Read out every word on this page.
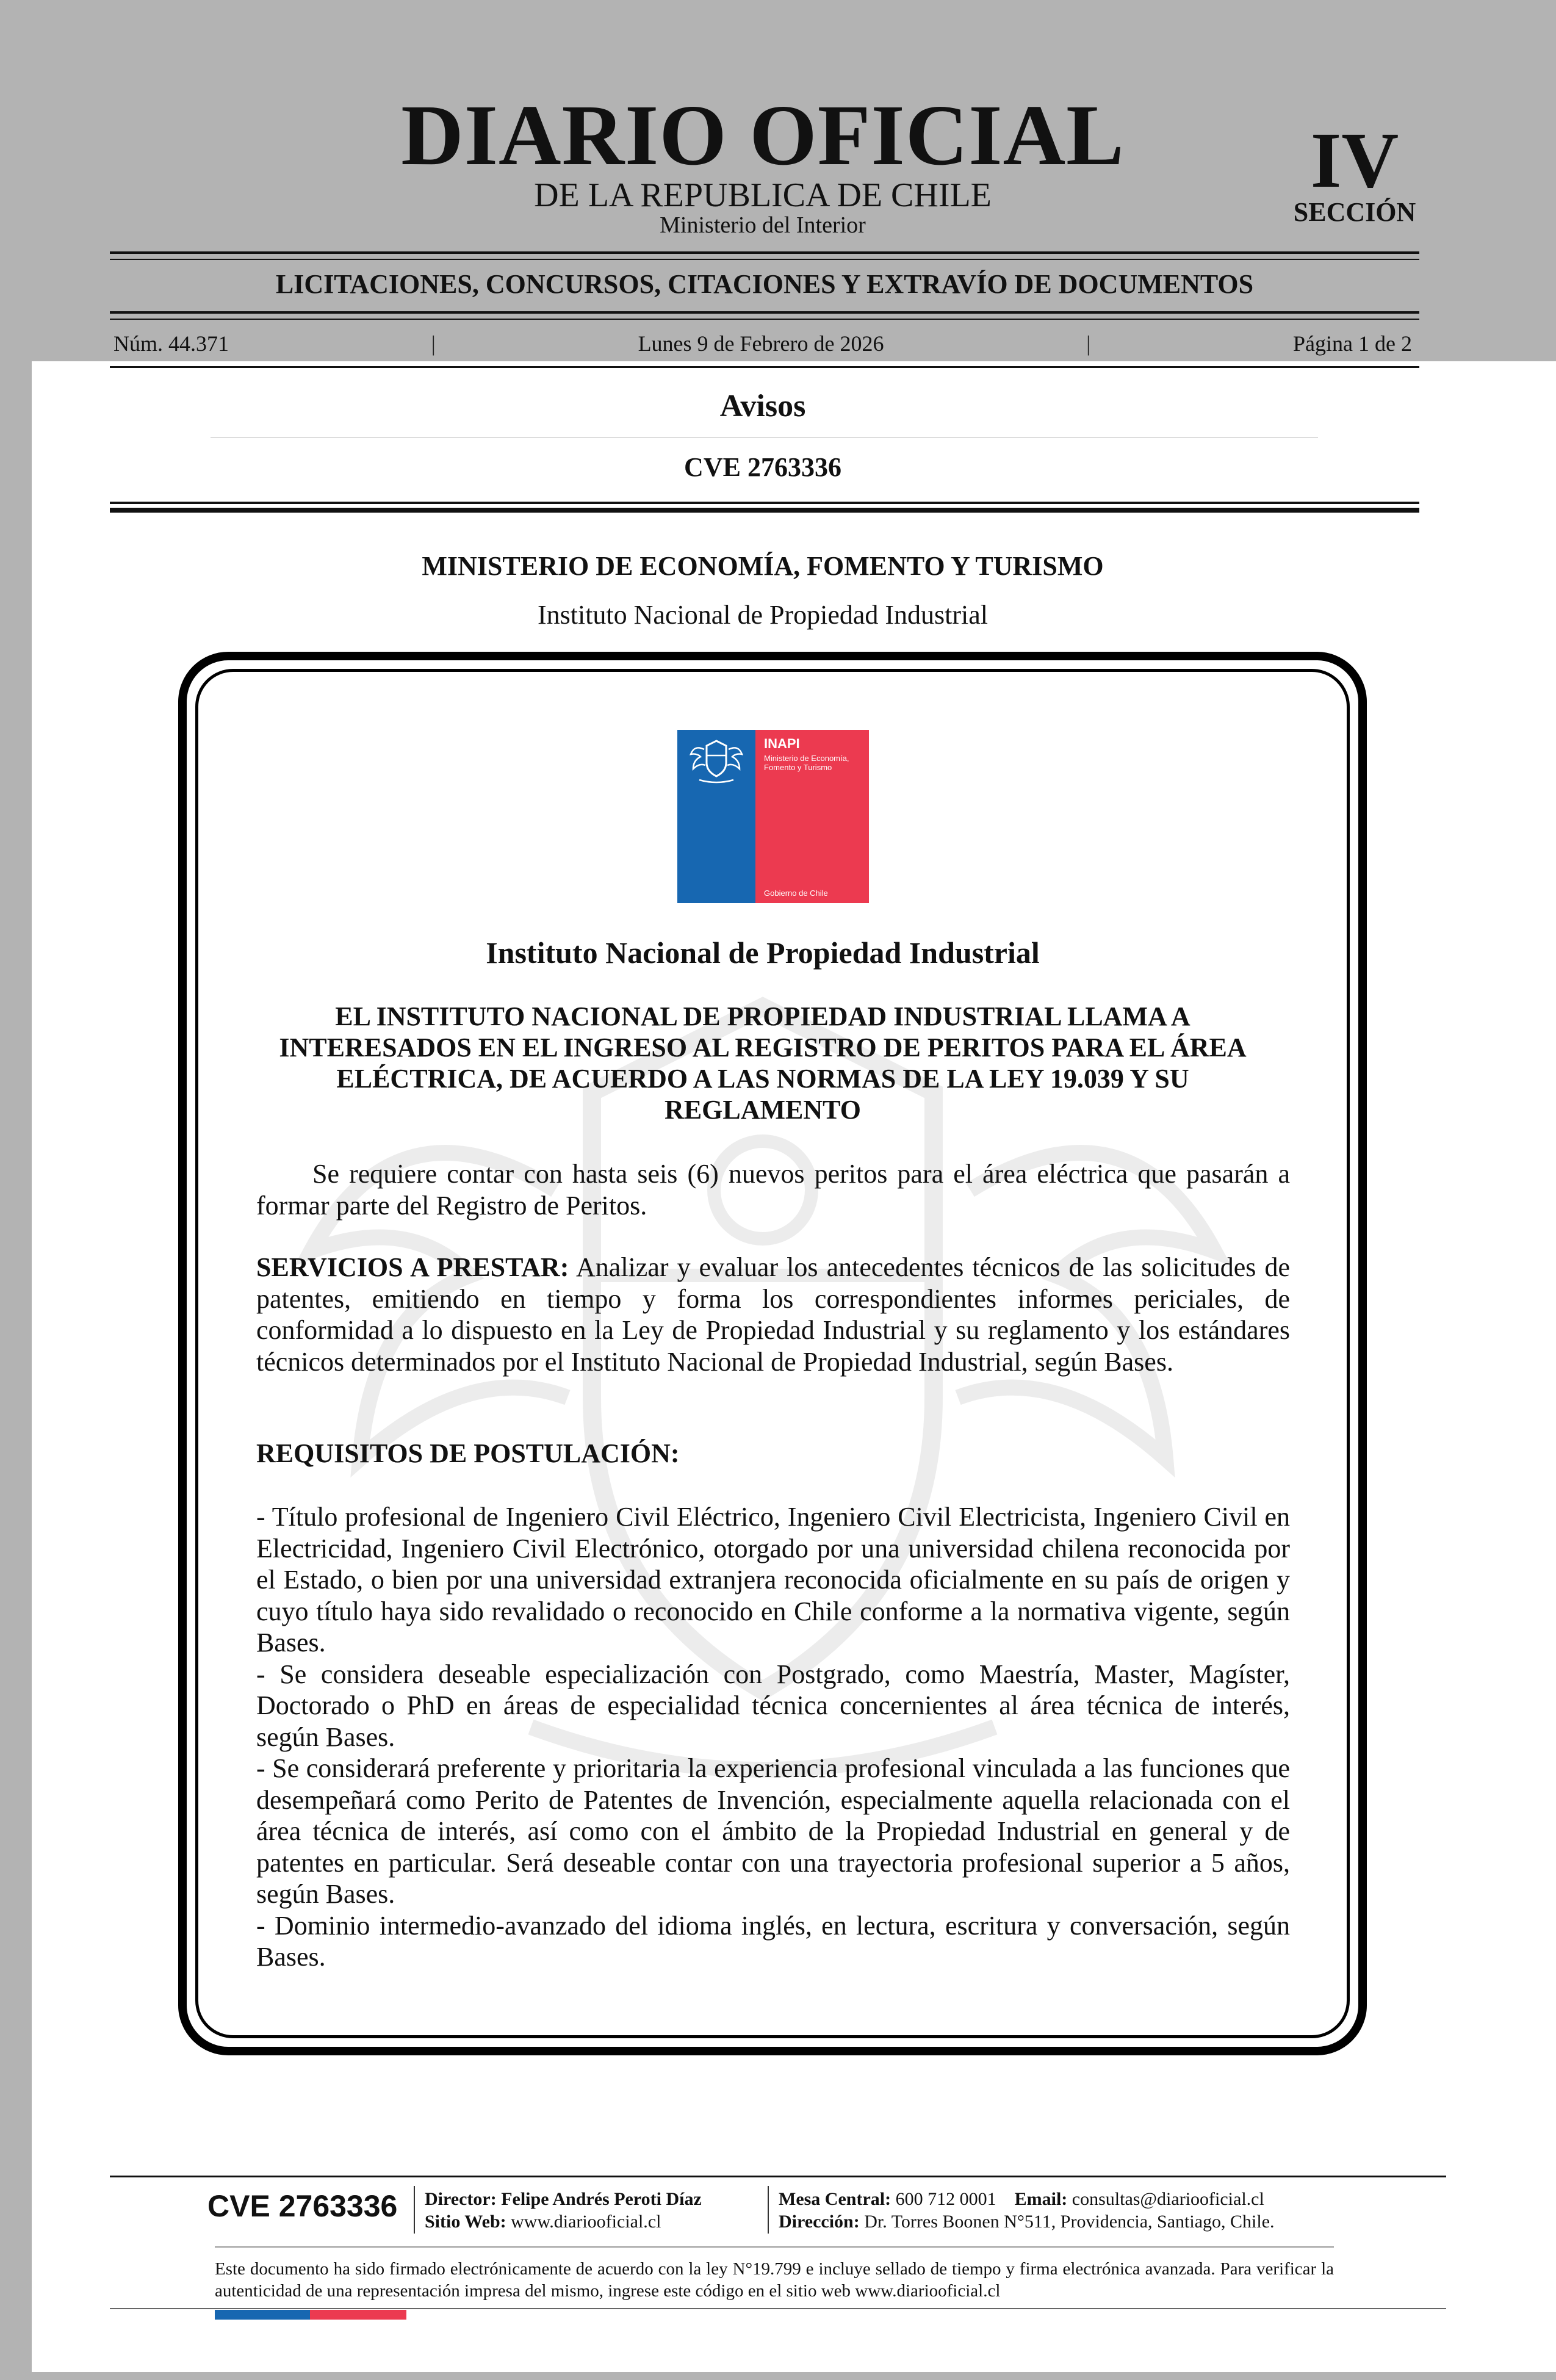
DIARIO OFICIAL
DE LA REPUBLICA DE CHILE
Ministerio del Interior
IV
SECCIÓN
LICITACIONES, CONCURSOS, CITACIONES Y EXTRAVÍO DE DOCUMENTOS
Núm. 44.371	|	Lunes 9 de Febrero de 2026	|	Página 1 de 2
Avisos
CVE 2763336
MINISTERIO DE ECONOMÍA, FOMENTO Y TURISMO
Instituto Nacional de Propiedad Industrial
INAPI
Ministerio de Economía, Fomento y Turismo
Gobierno de Chile
Instituto Nacional de Propiedad Industrial
EL INSTITUTO NACIONAL DE PROPIEDAD INDUSTRIAL LLAMA A INTERESADOS EN EL INGRESO AL REGISTRO DE PERITOS PARA EL ÁREA ELÉCTRICA, DE ACUERDO A LAS NORMAS DE LA LEY 19.039 Y SU REGLAMENTO

Se requiere contar con hasta seis (6) nuevos peritos para el área eléctrica que pasarán a formar parte del Registro de Peritos.

SERVICIOS A PRESTAR: Analizar y evaluar los antecedentes técnicos de las solicitudes de patentes, emitiendo en tiempo y forma los correspondientes informes periciales, de conformidad a lo dispuesto en la Ley de Propiedad Industrial y su reglamento y los estándares técnicos determinados por el Instituto Nacional de Propiedad Industrial, según Bases.

REQUISITOS DE POSTULACIÓN:

- Título profesional de Ingeniero Civil Eléctrico, Ingeniero Civil Electricista, Ingeniero Civil en Electricidad, Ingeniero Civil Electrónico, otorgado por una universidad chilena reconocida por el Estado, o bien por una universidad extranjera reconocida oficialmente en su país de origen y cuyo título haya sido revalidado o reconocido en Chile conforme a la normativa vigente, según Bases.

- Se considera deseable especialización con Postgrado, como Maestría, Master, Magíster, Doctorado o PhD en áreas de especialidad técnica concernientes al área técnica de interés, según Bases.

- Se considerará preferente y prioritaria la experiencia profesional vinculada a las funciones que desempeñará como Perito de Patentes de Invención, especialmente aquella relacionada con el área técnica de interés, así como con el ámbito de la Propiedad Industrial en general y de patentes en particular. Será deseable contar con una trayectoria profesional superior a 5 años, según Bases.

- Dominio intermedio-avanzado del idioma inglés, en lectura, escritura y conversación, según Bases.

CVE 2763336 Director: Felipe Andrés Peroti Díaz
Sitio Web: www.diariooficial.cl
Mesa Central: 600 712 0001 Email: consultas@diariooficial.cl
Dirección: Dr. Torres Boonen N°511, Providencia, Santiago, Chile.
Este documento ha sido firmado electrónicamente de acuerdo con la ley N°19.799 e incluye sellado de tiempo y firma electrónica avanzada. Para verificar la autenticidad de una representación impresa del mismo, ingrese este código en el sitio web www.diariooficial.cl
